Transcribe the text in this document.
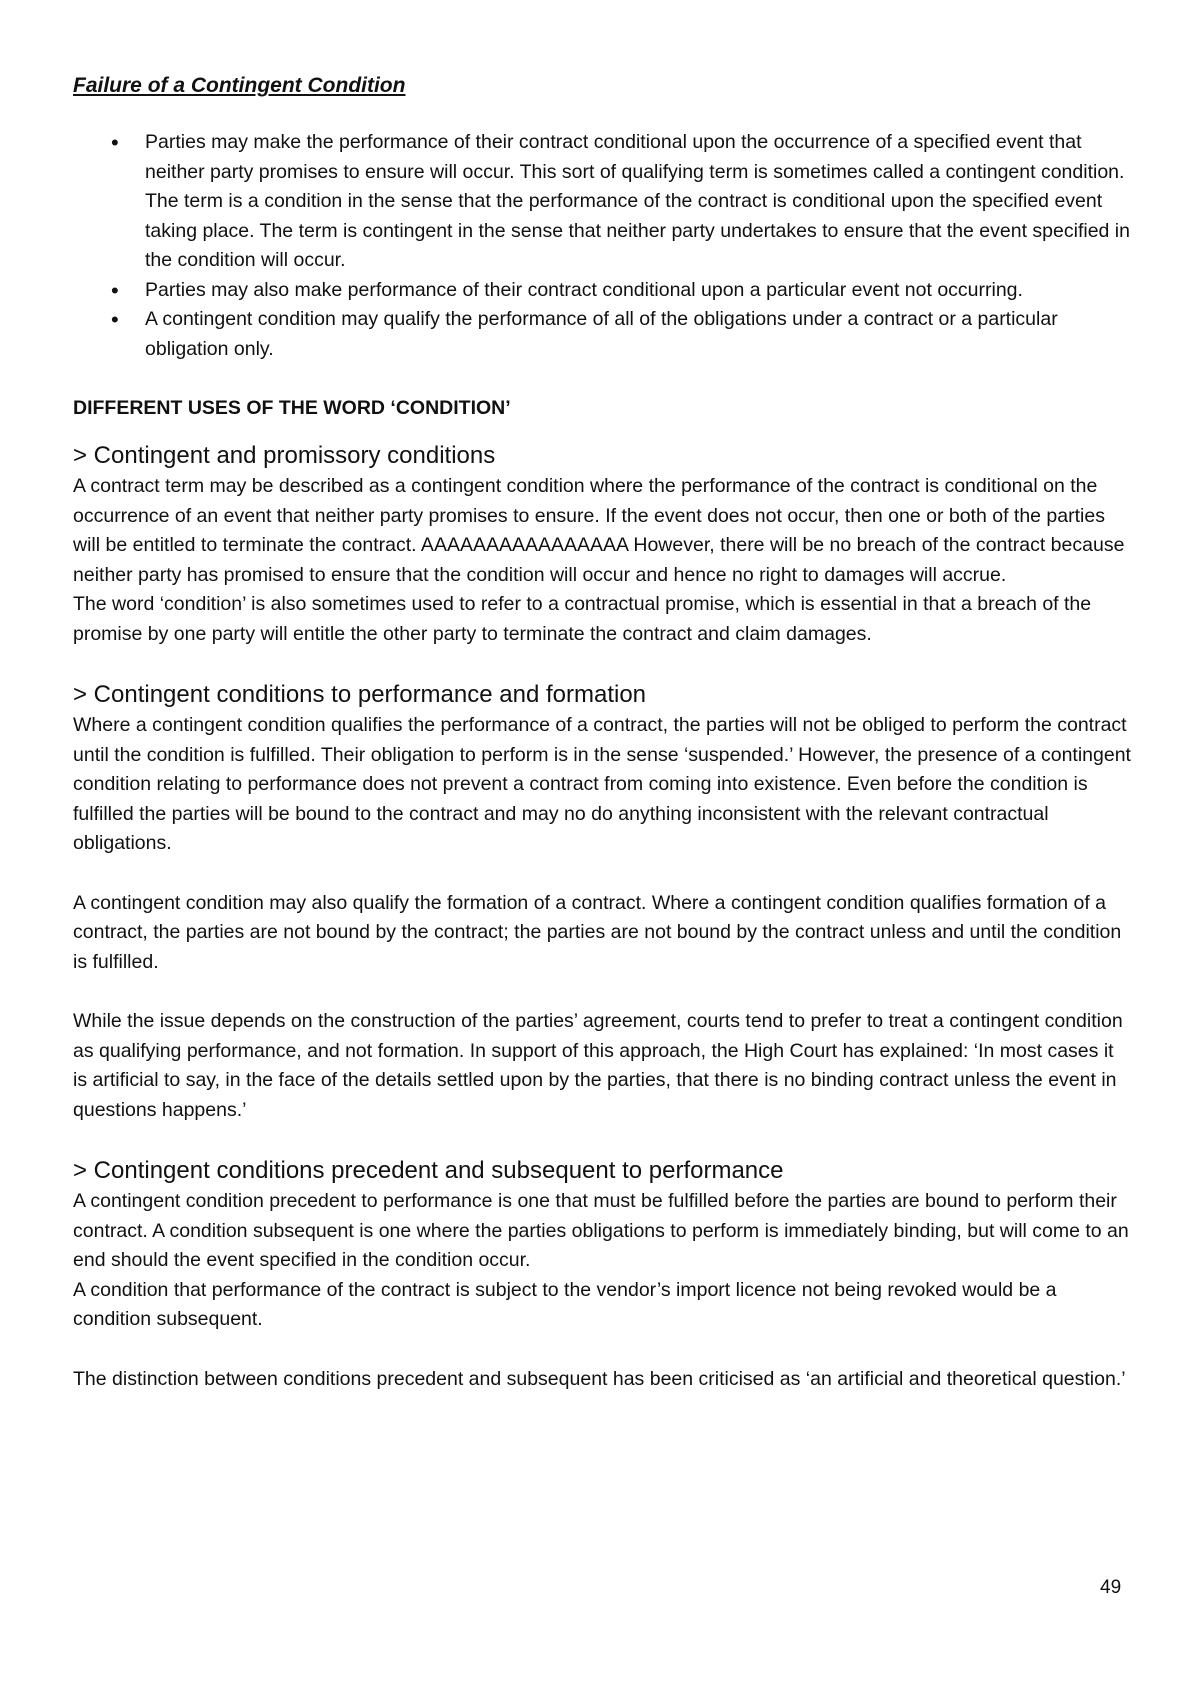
Failure of a Contingent Condition
• Parties may make the performance of their contract conditional upon the occurrence of a specified event that neither party promises to ensure will occur. This sort of qualifying term is sometimes called a contingent condition. The term is a condition in the sense that the performance of the contract is conditional upon the specified event taking place. The term is contingent in the sense that neither party undertakes to ensure that the event specified in the condition will occur.
• Parties may also make performance of their contract conditional upon a particular event not occurring.
• A contingent condition may qualify the performance of all of the obligations under a contract or a particular obligation only.
DIFFERENT USES OF THE WORD ‘CONDITION’
> Contingent and promissory conditions

A contract term may be described as a contingent condition where the performance of the contract is conditional on the occurrence of an event that neither party promises to ensure. If the event does not occur, then one or both of the parties will be entitled to terminate the contract. AAAAAAAAAAAAAAAA However, there will be no breach of the contract because neither party has promised to ensure that the condition will occur and hence no right to damages will accrue.

The word ‘condition’ is also sometimes used to refer to a contractual promise, which is essential in that a breach of the promise by one party will entitle the other party to terminate the contract and claim damages.

> Contingent conditions to performance and formation

Where a contingent condition qualifies the performance of a contract, the parties will not be obliged to perform the contract until the condition is fulfilled. Their obligation to perform is in the sense ‘suspended.’ However, the presence of a contingent condition relating to performance does not prevent a contract from coming into existence. Even before the condition is fulfilled the parties will be bound to the contract and may no do anything inconsistent with the relevant contractual obligations.

A contingent condition may also qualify the formation of a contract. Where a contingent condition qualifies formation of a contract, the parties are not bound by the contract; the parties are not bound by the contract unless and until the condition is fulfilled.

While the issue depends on the construction of the parties’ agreement, courts tend to prefer to treat a contingent condition as qualifying performance, and not formation. In support of this approach, the High Court has explained: ‘In most cases it is artificial to say, in the face of the details settled upon by the parties, that there is no binding contract unless the event in questions happens.’

> Contingent conditions precedent and subsequent to performance

A contingent condition precedent to performance is one that must be fulfilled before the parties are bound to perform their contract. A condition subsequent is one where the parties obligations to perform is immediately binding, but will come to an end should the event specified in the condition occur.

A condition that performance of the contract is subject to the vendor’s import licence not being revoked would be a condition subsequent.

The distinction between conditions precedent and subsequent has been criticised as ‘an artificial and theoretical question.’

49
